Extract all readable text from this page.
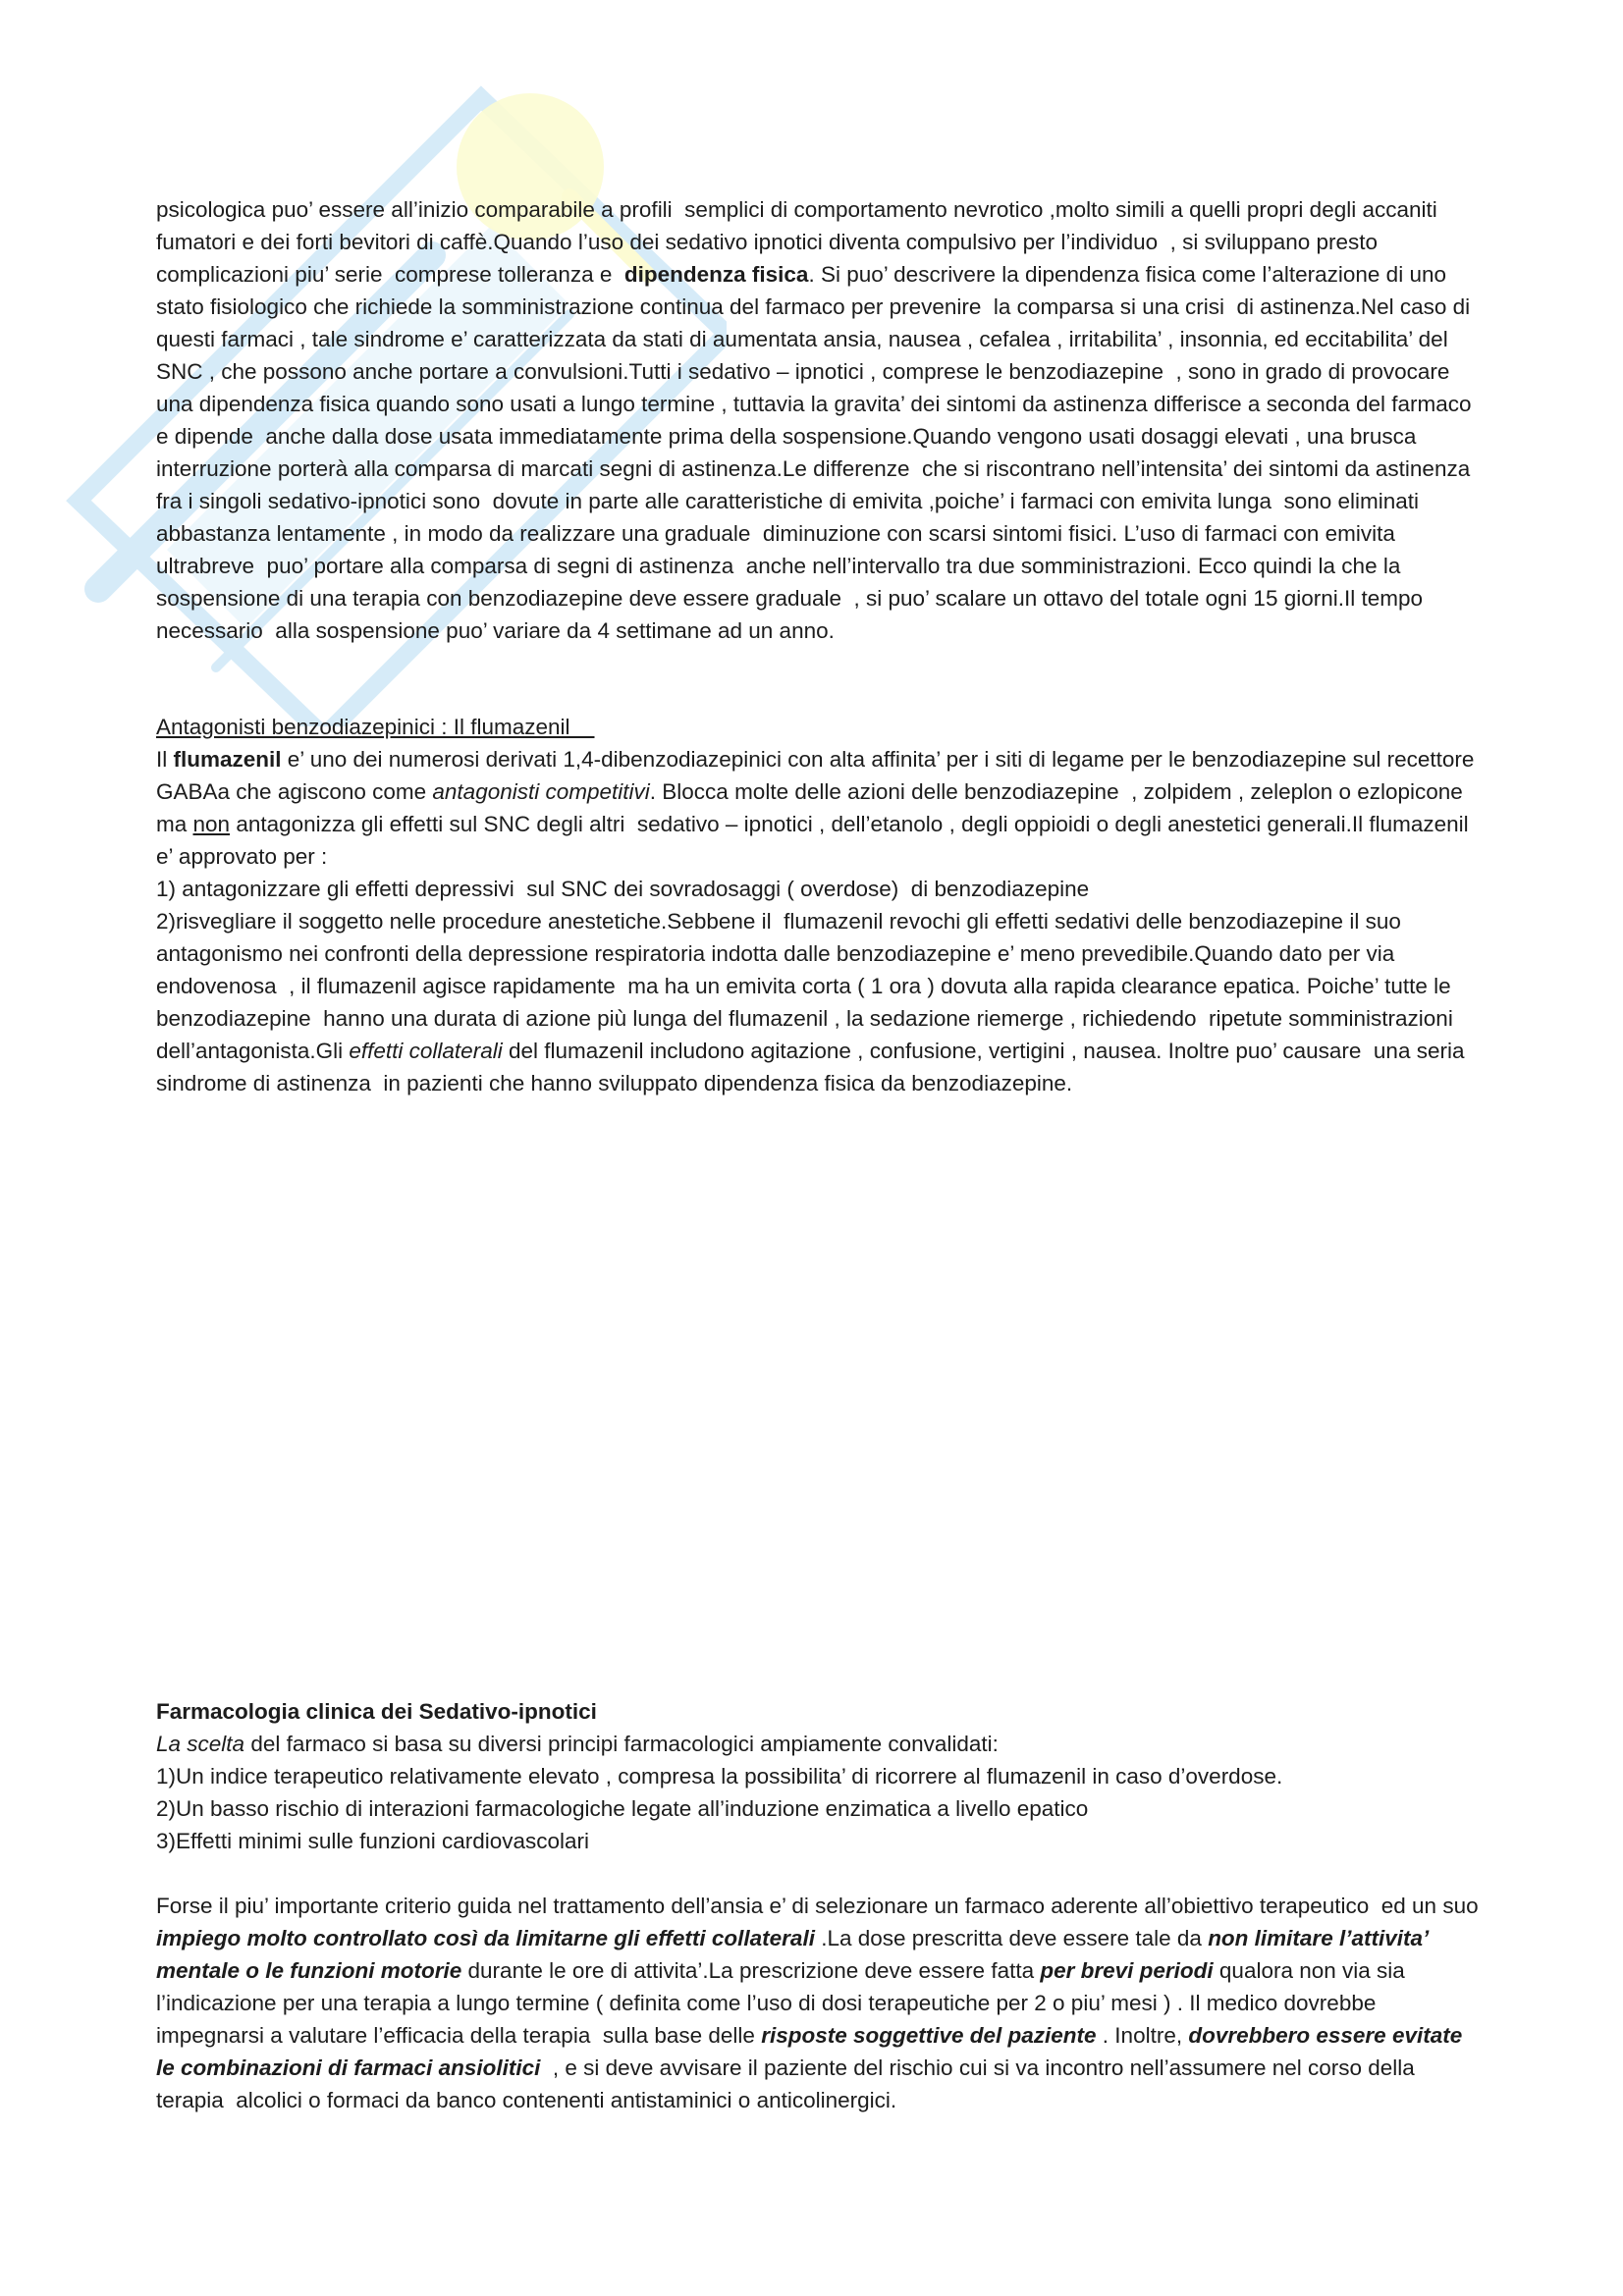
psicologica puo’ essere all’inizio comparabile a profili  semplici di comportamento nevrotico ,molto simili a quelli propri degli accaniti fumatori e dei forti bevitori di caffè.Quando l’uso dei sedativo ipnotici diventa compulsivo per l’individuo  , si sviluppano presto complicazioni piu’ serie  comprese tolleranza e  dipendenza fisica. Si puo’ descrivere la dipendenza fisica come l’alterazione di uno stato fisiologico che richiede la somministrazione continua del farmaco per prevenire  la comparsa si una crisi  di astinenza.Nel caso di questi farmaci , tale sindrome e’ caratterizzata da stati di aumentata ansia, nausea , cefalea , irritabilita’ , insonnia, ed eccitabilita’ del SNC , che possono anche portare a convulsioni.Tutti i sedativo – ipnotici , comprese le benzodiazepine  , sono in grado di provocare una dipendenza fisica quando sono usati a lungo termine , tuttavia la gravita’ dei sintomi da astinenza differisce a seconda del farmaco e dipende  anche dalla dose usata immediatamente prima della sospensione.Quando vengono usati dosaggi elevati , una brusca interruzione porterà alla comparsa di marcati segni di astinenza.Le differenze  che si riscontrano nell’intensita’ dei sintomi da astinenza  fra i singoli sedativo-ipnotici sono  dovute in parte alle caratteristiche di emivita ,poiche’ i farmaci con emivita lunga  sono eliminati abbastanza lentamente , in modo da realizzare una graduale  diminuzione con scarsi sintomi fisici. L’uso di farmaci con emivita  ultrabreve  puo’ portare alla comparsa di segni di astinenza  anche nell’intervallo tra due somministrazioni. Ecco quindi la che la sospensione di una terapia con benzodiazepine deve essere graduale  , si puo’ scalare un ottavo del totale ogni 15 giorni.Il tempo necessario  alla sospensione puo’ variare da 4 settimane ad un anno.

Antagonisti benzodiazepinici : Il flumazenil

Il flumazenil e’ uno dei numerosi derivati 1,4-dibenzodiazepinici con alta affinita’ per i siti di legame per le benzodiazepine sul recettore GABAa che agiscono come antagonisti competitivi. Blocca molte delle azioni delle benzodiazepine  , zolpidem , zeleplon o ezlopicone ma non antagonizza gli effetti sul SNC degli altri  sedativo – ipnotici , dell’etanolo , degli oppioidi o degli anestetici generali.Il flumazenil e’ approvato per :

1) antagonizzare gli effetti depressivi  sul SNC dei sovradosaggi ( overdose)  di benzodiazepine

2)risvegliare il soggetto nelle procedure anestetiche.Sebbene il  flumazenil revochi gli effetti sedativi delle benzodiazepine il suo antagonismo nei confronti della depressione respiratoria indotta dalle benzodiazepine e’ meno prevedibile.Quando dato per via endovenosa  , il flumazenil agisce rapidamente  ma ha un emivita corta ( 1 ora ) dovuta alla rapida clearance epatica. Poiche’ tutte le benzodiazepine  hanno una durata di azione più lunga del flumazenil , la sedazione riemerge , richiedendo  ripetute somministrazioni dell’antagonista.Gli effetti collaterali del flumazenil includono agitazione , confusione, vertigini , nausea. Inoltre puo’ causare  una seria sindrome di astinenza  in pazienti che hanno sviluppato dipendenza fisica da benzodiazepine.

Farmacologia clinica dei Sedativo-ipnotici

La scelta del farmaco si basa su diversi principi farmacologici ampiamente convalidati:

1)Un indice terapeutico relativamente elevato , compresa la possibilita’ di ricorrere al flumazenil in caso d’overdose.

2)Un basso rischio di interazioni farmacologiche legate all’induzione enzimatica a livello epatico

3)Effetti minimi sulle funzioni cardiovascolari

Forse il piu’ importante criterio guida nel trattamento dell’ansia e’ di selezionare un farmaco aderente all’obiettivo terapeutico  ed un suo impiego molto controllato così da limitarne gli effetti collaterali .La dose prescritta deve essere tale da non limitare l’attivita’ mentale o le funzioni motorie durante le ore di attivita’.La prescrizione deve essere fatta per brevi periodi qualora non via sia  l’indicazione per una terapia a lungo termine ( definita come l’uso di dosi terapeutiche per 2 o piu’ mesi ) . Il medico dovrebbe impegnarsi a valutare l’efficacia della terapia  sulla base delle risposte soggettive del paziente . Inoltre, dovrebbero essere evitate le combinazioni di farmaci ansiolitici  , e si deve avvisare il paziente del rischio cui si va incontro nell’assumere nel corso della terapia  alcolici o formaci da banco contenenti antistaminici o anticolinergici.
